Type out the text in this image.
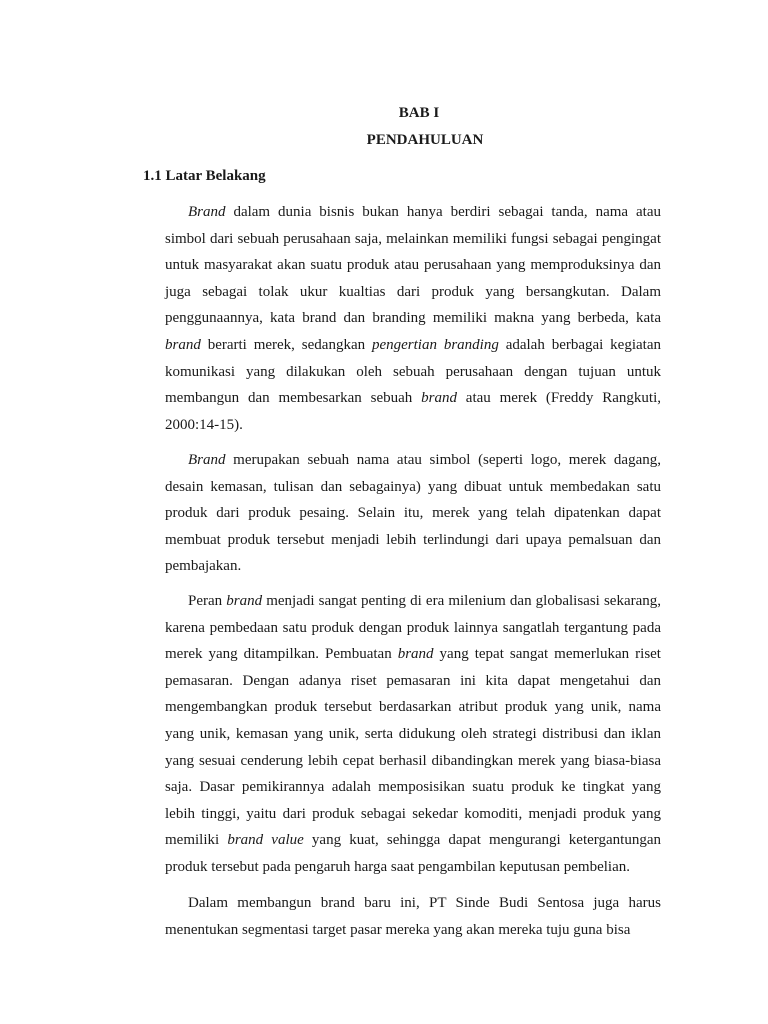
BAB I
PENDAHULUAN
1.1 Latar Belakang

Brand dalam dunia bisnis bukan hanya berdiri sebagai tanda, nama atau simbol dari sebuah perusahaan saja, melainkan memiliki fungsi sebagai pengingat untuk masyarakat akan suatu produk atau perusahaan yang memproduksinya dan juga sebagai tolak ukur kualtias dari produk yang bersangkutan. Dalam penggunaannya, kata brand dan branding memiliki makna yang berbeda, kata brand berarti merek, sedangkan pengertian branding adalah berbagai kegiatan komunikasi yang dilakukan oleh sebuah perusahaan dengan tujuan untuk membangun dan membesarkan sebuah brand atau merek (Freddy Rangkuti, 2000:14-15).

Brand merupakan sebuah nama atau simbol (seperti logo, merek dagang, desain kemasan, tulisan dan sebagainya) yang dibuat untuk membedakan satu produk dari produk pesaing. Selain itu, merek yang telah dipatenkan dapat membuat produk tersebut menjadi lebih terlindungi dari upaya pemalsuan dan pembajakan.

Peran brand menjadi sangat penting di era milenium dan globalisasi sekarang, karena pembedaan satu produk dengan produk lainnya sangatlah tergantung pada merek yang ditampilkan. Pembuatan brand yang tepat sangat memerlukan riset pemasaran. Dengan adanya riset pemasaran ini kita dapat mengetahui dan mengembangkan produk tersebut berdasarkan atribut produk yang unik, nama yang unik, kemasan yang unik, serta didukung oleh strategi distribusi dan iklan yang sesuai cenderung lebih cepat berhasil dibandingkan merek yang biasa-biasa saja. Dasar pemikirannya adalah memposisikan suatu produk ke tingkat yang lebih tinggi, yaitu dari produk sebagai sekedar komoditi, menjadi produk yang memiliki brand value yang kuat, sehingga dapat mengurangi ketergantungan produk tersebut pada pengaruh harga saat pengambilan keputusan pembelian.

Dalam membangun brand baru ini, PT Sinde Budi Sentosa juga harus menentukan segmentasi target pasar mereka yang akan mereka tuju guna bisa
